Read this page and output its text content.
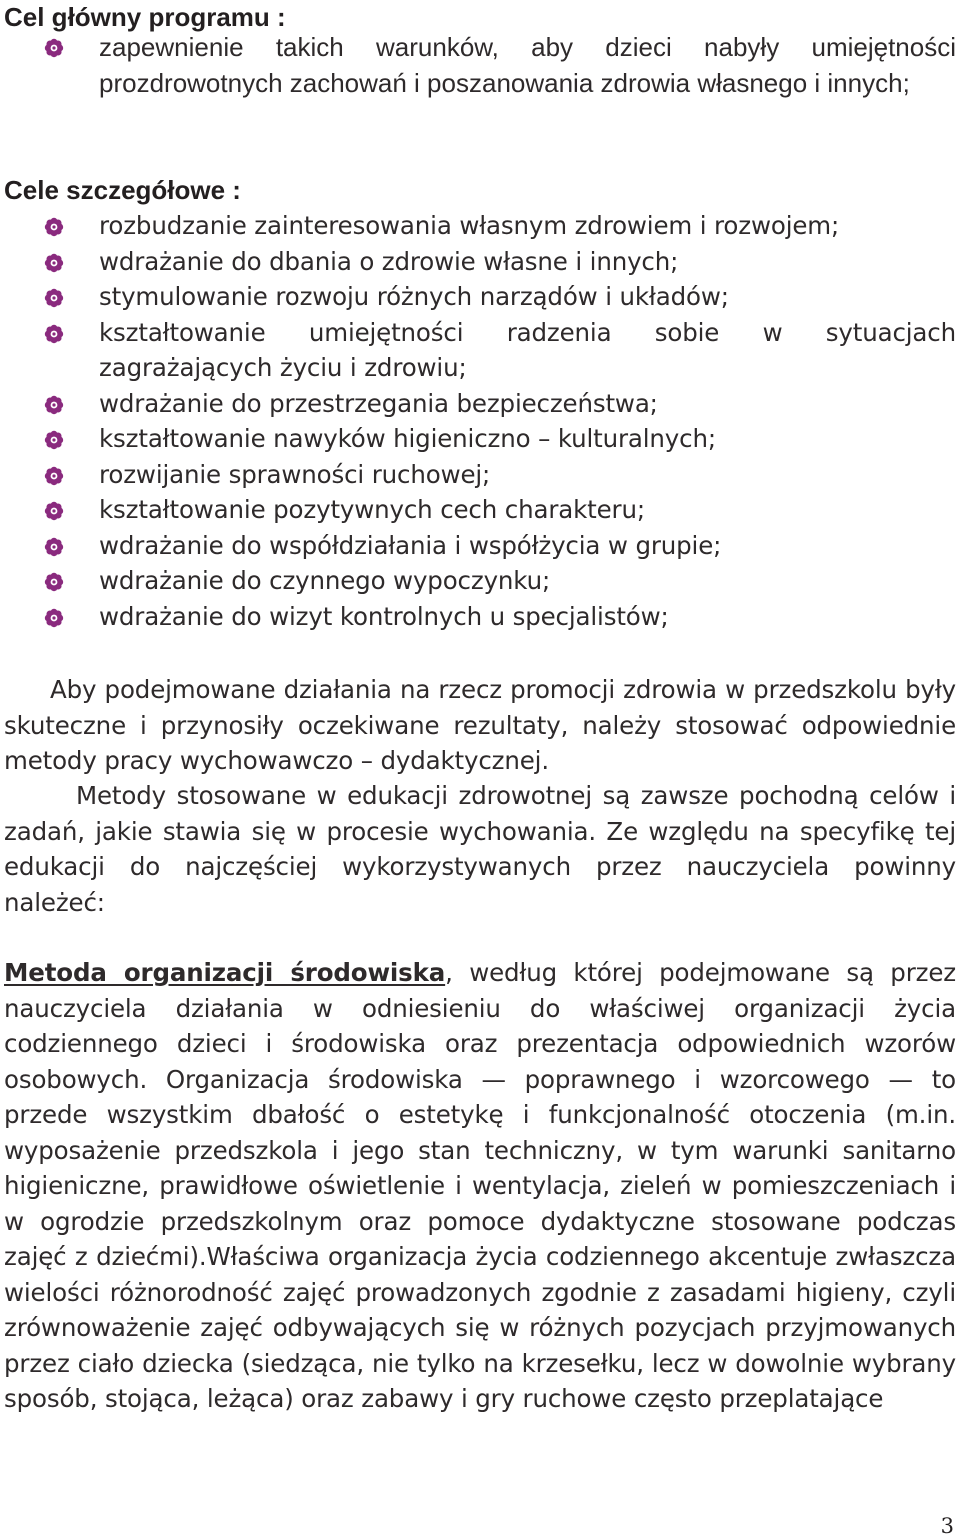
Cel główny programu :
zapewnienie takich warunków, aby dzieci nabyły umiejętności prozdrowotnych zachowań i poszanowania zdrowia własnego i innych;
Cele szczegółowe :
rozbudzanie zainteresowania własnym zdrowiem i rozwojem;
wdrażanie do dbania o zdrowie własne i innych;
stymulowanie rozwoju różnych narządów i układów;
kształtowanie umiejętności radzenia sobie w sytuacjach zagrażających życiu i zdrowiu;
wdrażanie do przestrzegania bezpieczeństwa;
kształtowanie nawyków higieniczno – kulturalnych;
rozwijanie sprawności ruchowej;
kształtowanie pozytywnych cech charakteru;
wdrażanie do współdziałania i współżycia w grupie;
wdrażanie do czynnego wypoczynku;
wdrażanie do wizyt kontrolnych u specjalistów;

Aby podejmowane działania na rzecz promocji zdrowia w przedszkolu były skuteczne i przynosiły oczekiwane rezultaty, należy stosować odpowiednie metody pracy wychowawczo – dydaktycznej.

Metody stosowane w edukacji zdrowotnej są zawsze pochodną celów i zadań, jakie stawia się w procesie wychowania. Ze względu na specyfikę tej edukacji do najczęściej wykorzystywanych przez nauczyciela powinny należeć:

Metoda organizacji środowiska, według której podejmowane są przez nauczyciela działania w odniesieniu do właściwej organizacji życia codziennego dzieci i środowiska oraz prezentacja odpowiednich wzorów osobowych. Organizacja środowiska — poprawnego i wzorcowego — to przede wszystkim dbałość o estetykę i funkcjonalność otoczenia (m.in. wyposażenie przedszkola i jego stan techniczny, w tym warunki sanitarno higieniczne, prawidłowe oświetlenie i wentylacja, zieleń w pomieszczeniach i w ogrodzie przedszkolnym oraz pomoce dydaktyczne stosowane podczas zajęć z dziećmi).Właściwa organizacja życia codziennego akcentuje zwłaszcza wielości różnorodność zajęć prowadzonych zgodnie z zasadami higieny, czyli zrównoważenie zajęć odbywających się w różnych pozycjach przyjmowanych przez ciało dziecka (siedząca, nie tylko na krzesełku, lecz w dowolnie wybrany sposób, stojąca, leżąca) oraz zabawy i gry ruchowe często przeplatające

3
